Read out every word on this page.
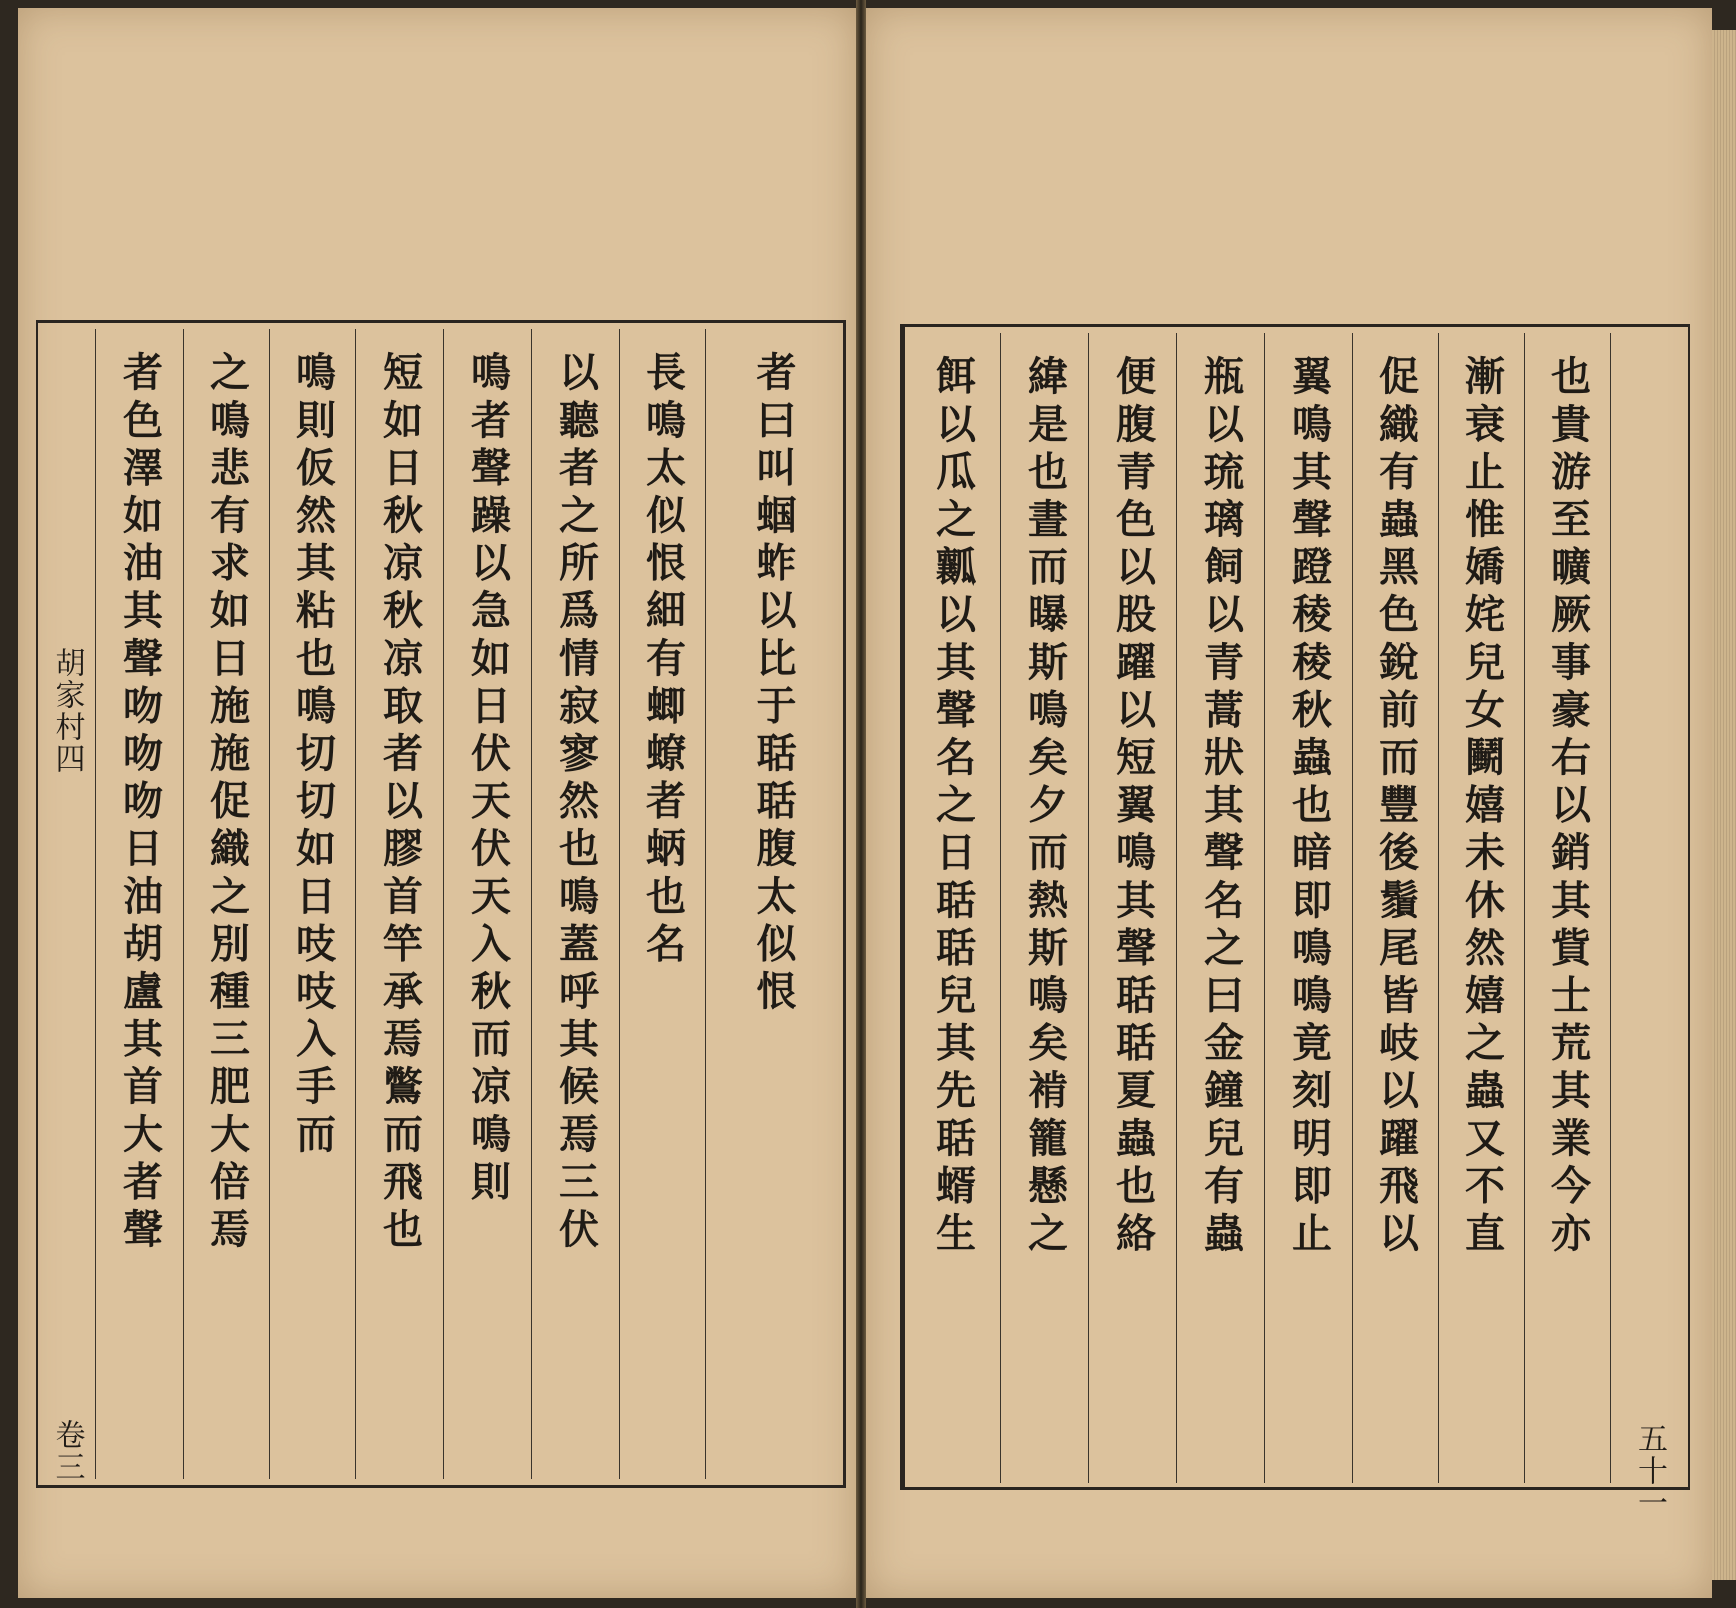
胡家村四
卷三
者色澤如油其聲吻吻吻日油胡盧其首大者聲 之鳴悲有求如日施施促織之別種三肥大倍焉 鳴則仮然其粘也鳴切切如日吱吱入手而 短如日秋凉秋凉取者以膠首竿承焉鷩而飛也 鳴者聲躁以急如日伏天伏天入秋而凉鳴則 以聽者之所爲情寂寥然也鳴蓋呼其候焉三伏 長鳴太似恨細有蝍蟟者蛃也名 者曰叫蝈蚱以比于聒聒腹太似恨	餌以瓜之瓤以其聲名之日聒聒兒其先聒蝑生 緯是也晝而曝斯鳴矣夕而熱斯鳴矣褃籠懸之 便腹青色以股躍以短翼鳴其聲聒聒夏蟲也絡 瓶以琉璃飼以青蒿狀其聲名之曰金鐘兒有蟲 翼鳴其聲蹬稜稜秋蟲也暗即鳴鳴竟刻明即止 促織有蟲黑色銳前而豐後鬚尾皆岐以躍飛以 漸衰止惟嬌姹兒女鬭嬉未休然嬉之蟲又不直 也貴游至曠厥事豪右以銷其貲士荒其業今亦
五十一
